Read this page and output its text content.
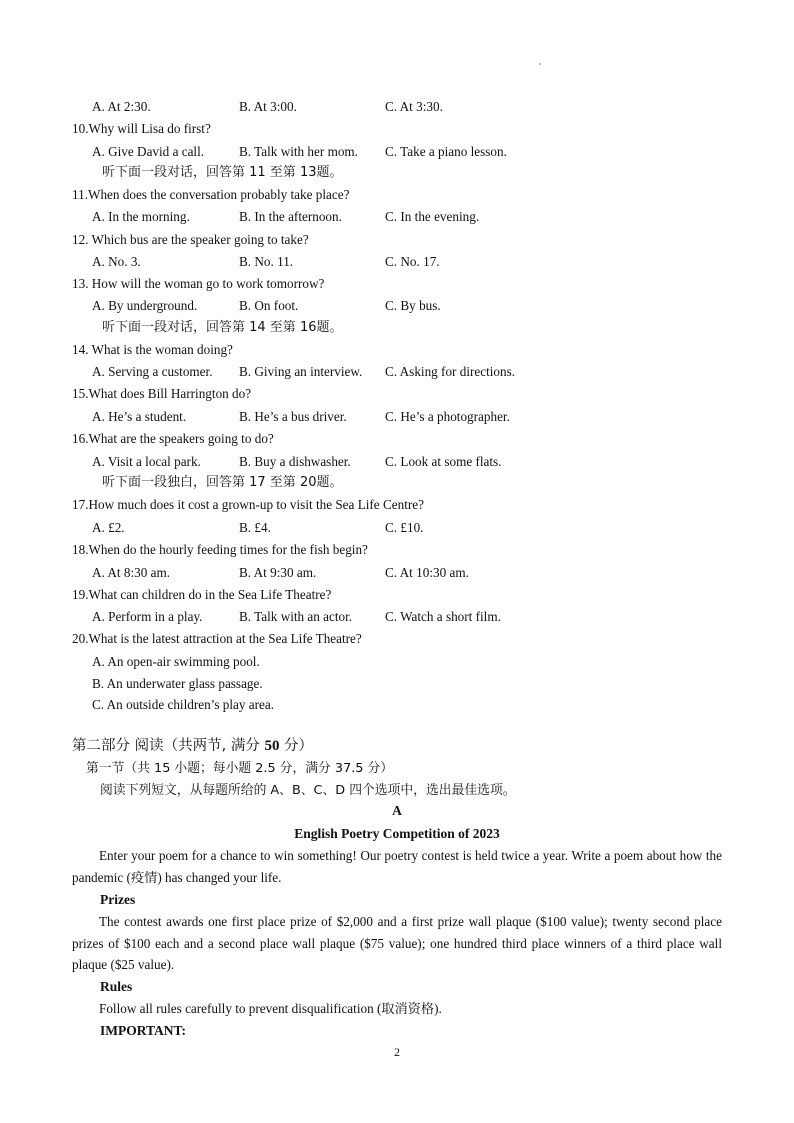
A. At 2:30.	B. At 3:00.	C. At 3:30.
10.Why will Lisa do first?
A. Give David a call.	B. Talk with her mom. C. Take a piano lesson.
听下面一段对话，回答第 11 至第 13题。
11.When does the conversation probably take place?
A. In the morning.	B. In the afternoon.	C. In the evening.
12. Which bus are the speaker going to take?
A. No. 3.	B. No. 11.	C. No. 17.
13. How will the woman go to work tomorrow?
A. By underground.	B. On foot.	C. By bus.
听下面一段对话，回答第 14 至第 16题。
14. What is the woman doing?
A. Serving a customer. B. Giving an interview. C. Asking for directions.
15.What does Bill Harrington do?
A. He’s a student.	B. He’s a bus driver.	C. He’s a photographer.
16.What are the speakers going to do?
A. Visit a local park.	B. Buy a dishwasher.	C. Look at some flats.
听下面一段独白，回答第 17 至第 20题。
17.How much does it cost a grown-up to visit the Sea Life Centre?
A. £2.	B. £4.	C. £10.
18.When do the hourly feeding times for the fish begin?
A. At 8:30 am.	B. At 9:30 am.	C. At 10:30 am.
19.What can children do in the Sea Life Theatre?
A. Perform in a play.	B. Talk with an actor. C. Watch a short film.
20.What is the latest attraction at the Sea Life Theatre?
A. An open-air swimming pool.
B. An underwater glass passage.
C. An outside children’s play area.
第二部分 阅读（共两节, 满分 50 分）
第一节（共 15 小题；每小题 2.5 分，满分 37.5 分）
阅读下列短文，从每题所给的 A、B、C、D 四个选项中，选出最佳选项。
A
English Poetry Competition of 2023
Enter your poem for a chance to win something! Our poetry contest is held twice a year. Write a poem about how the pandemic (疫情) has changed your life.
Prizes
The contest awards one first place prize of $2,000 and a first prize wall plaque ($100 value); twenty second place prizes of $100 each and a second place wall plaque ($75 value); one hundred third place winners of a third place wall plaque ($25 value).
Rules
Follow all rules carefully to prevent disqualification (取消资格).
IMPORTANT:
2
